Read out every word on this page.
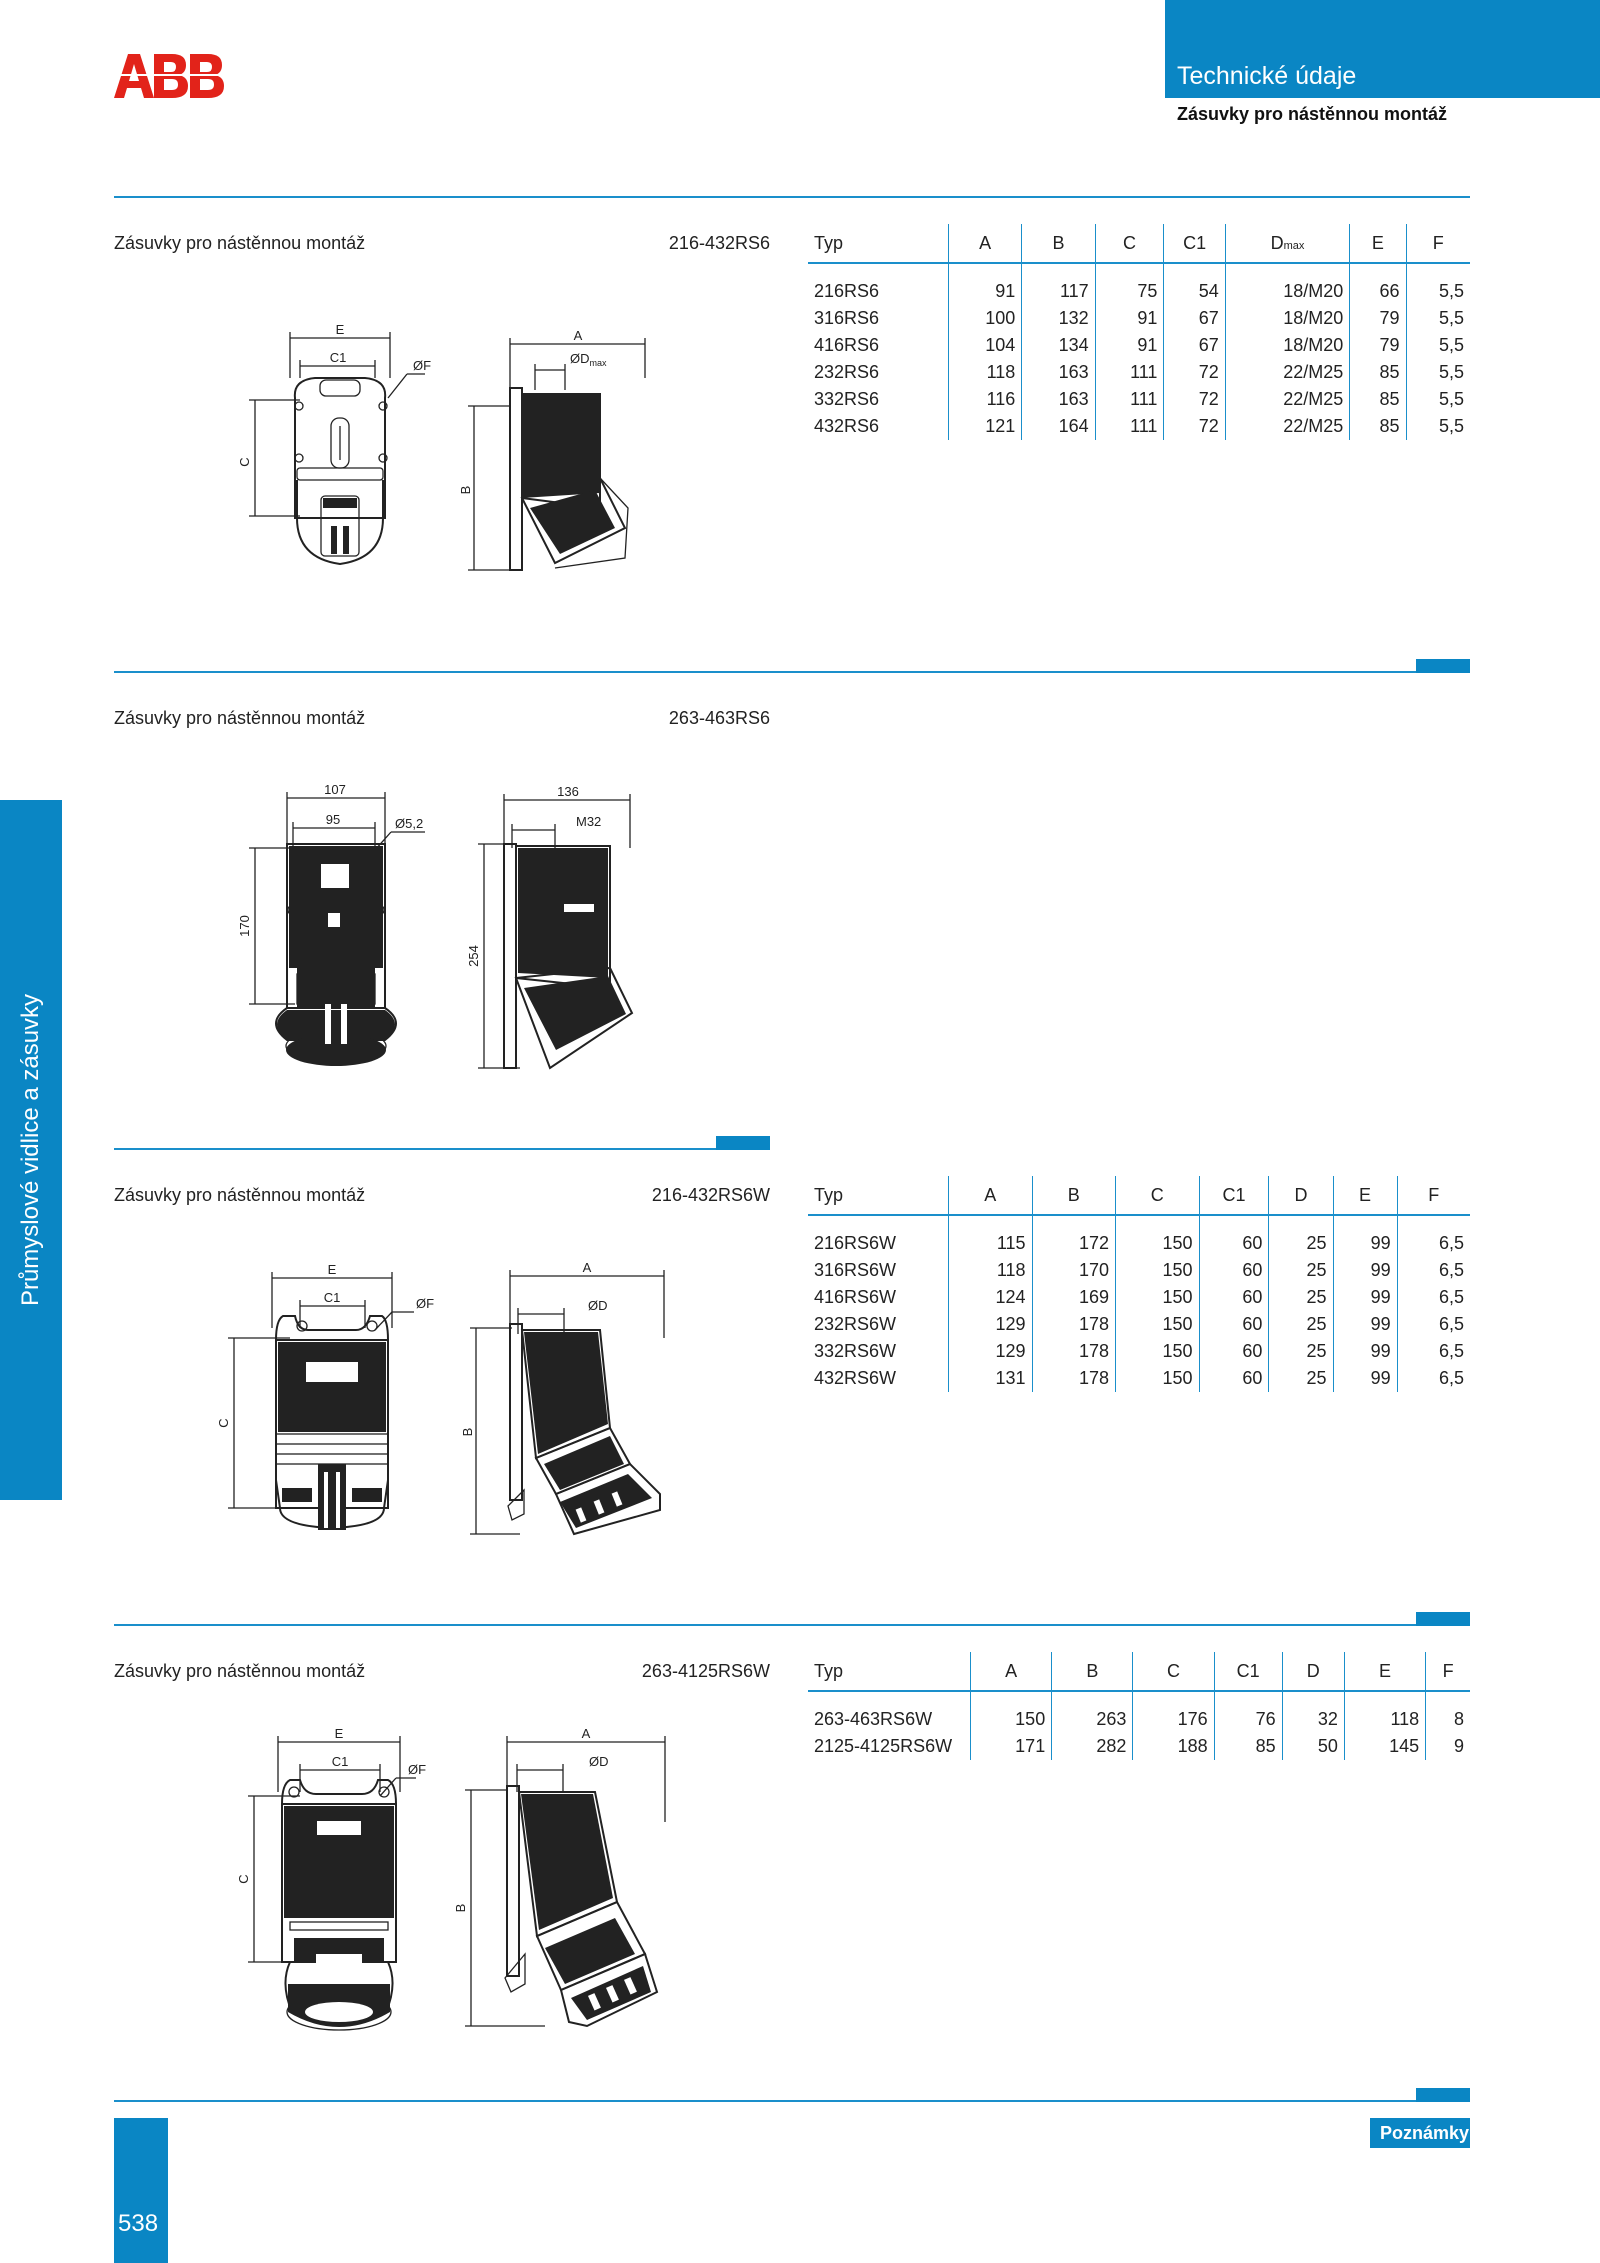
Technické údaje
Zásuvky pro nástěnnou montáž
Průmyslové vidlice a zásuvky
Zásuvky pro nástěnnou montáž	216-432RS6
E
C1
ØF
C
A
$ØD_{max}$
B
Typ	A	B	C	C1	Dmax	E	F
216RS6	91	117	75	54	18/M20	66	5,5
316RS6	100	132	91	67	18/M20	79	5,5
416RS6	104	134	91	67	18/M20	79	5,5
232RS6	118	163	111	72	22/M25	85	5,5
332RS6	116	163	111	72	22/M25	85	5,5
432RS6	121	164	111	72	22/M25	85	5,5
Zásuvky pro nástěnnou montáž	263-463RS6
107
95	Ø5,2
170
136
M32
254
Zásuvky pro nástěnnou montáž	216-432RS6W
E
C1	ØF
C
A
ØD
B
Typ	A	B	C	C1	D	E	F
216RS6W	115	172	150	60	25	99	6,5
316RS6W	118	170	150	60	25	99	6,5
416RS6W	124	169	150	60	25	99	6,5
232RS6W	129	178	150	60	25	99	6,5
332RS6W	129	178	150	60	25	99	6,5
432RS6W	131	178	150	60	25	99	6,5
Zásuvky pro nástěnnou montáž	263-4125RS6W
E
C1
ØF
C
A
ØD
B
Typ	A	B	C	C1	D	E	F
263-463RS6W	150	263	176	76	32	118	8
2125-4125RS6W	171	282	188	85	50	145	9
538
Poznámky
